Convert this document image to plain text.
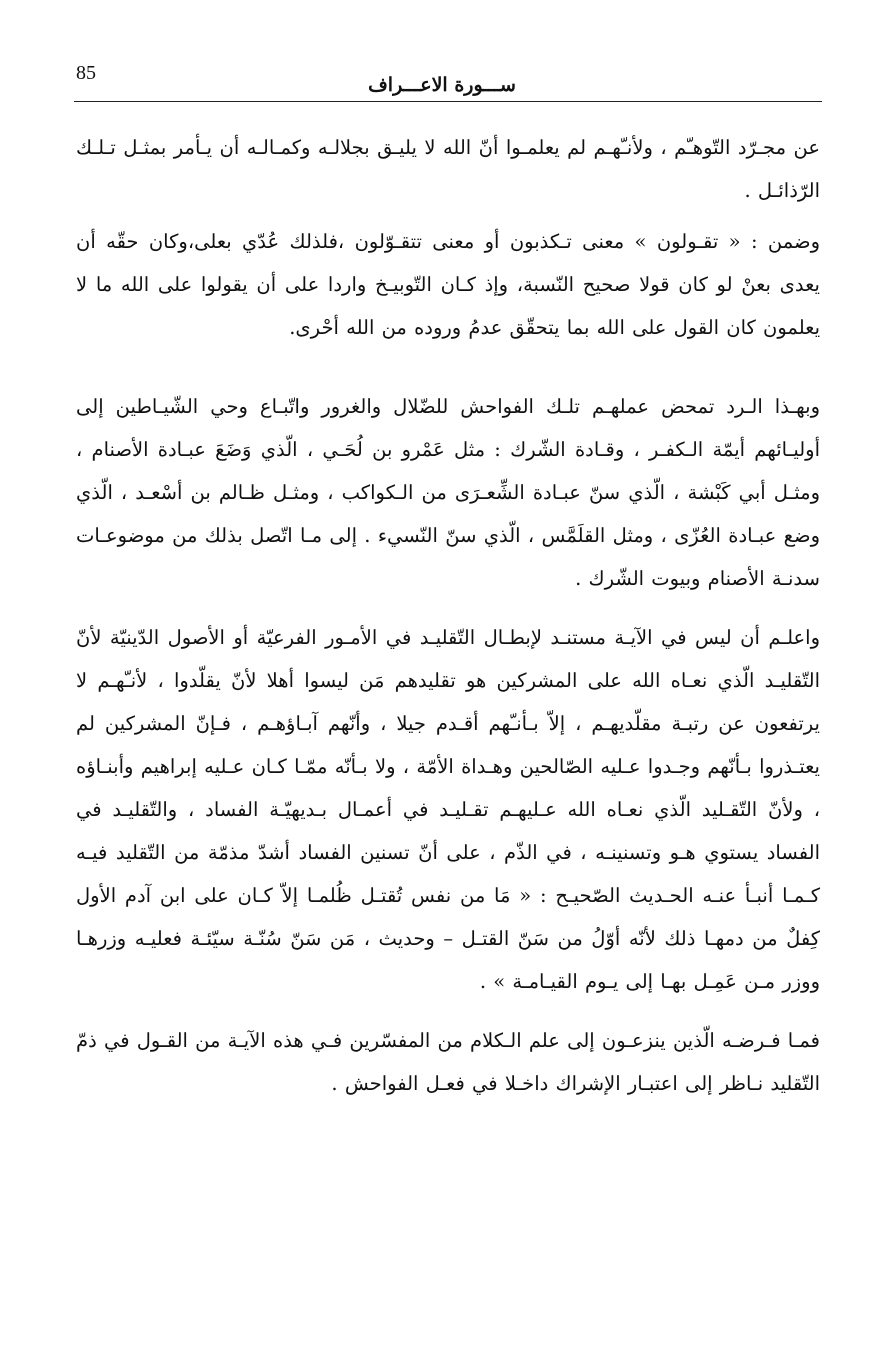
85
ســـورة الاعـــراف

عن مجـرّد التّوهـّم ، ولأنـّهـم لم يعلمـوا أنّ الله لا يليـق بجلالـه وكمـالـه أن يـأمر بمثـل تـلـك الرّذائـل .

وضمن : « تقـولون » معنى تـكذبون أو معنى تتقـوّلون ،فلذلك عُدّي بعلى،وكان حقّه أن يعدى بعنْ لو كان قولا صحيح النّسبة، وإذ كـان التّوبيـخ واردا على أن يقولوا على الله ما لا يعلمون كان القول على الله بما يتحقّق عدمُ وروده من الله أحْرى.

وبهـذا الـرد تمحض عملهـم تلـك الفواحش للضّلال والغرور واتّبـاع وحي الشّيـاطين إلى أوليـائهم أيمّة الـكفـر ، وقـادة الشّرك : مثل عَمْرو بن لُحَـي ، الّذي وَضَعَ عبـادة الأصنام ، ومثـل أبي كَبْشة ، الّذي سنّ عبـادة الشِّعـرَى من الـكواكب ، ومثـل ظـالم بن أسْعـد ، الّذي وضع عبـادة العُزّى ، ومثل القلَمَّس ، الّذي سنّ النّسيء . إلى مـا اتّصل بذلك من موضوعـات سدنـة الأصنام وبيوت الشّرك .

واعلـم أن ليس في الآيـة مستنـد لإبطـال التّقليـد في الأمـور الفرعيّة أو الأصول الدّينيّة لأنّ التّقليـد الّذي نعـاه الله على المشركين هو تقليدهم مَن ليسوا أهلا لأنّ يقلّدوا ، لأنـّهـم لا يرتفعون عن رتبـة مقلّديهـم ، إلاّ بـأنـّهم أقـدم جيلا ، وأنّهم آبـاؤهـم ، فـإنّ المشركين لم يعتـذروا بـأنّهم وجـدوا عـليه الصّالحين وهـداة الأمّة ، ولا بـأنّه ممّـا كـان عـليه إبراهيم وأبنـاؤه ، ولأنّ التّقـليد الّذي نعـاه الله عـليهـم تقـليـد في أعمـال بـديهيّـة الفساد ، والتّقليـد في الفساد يستوي هـو وتسنينـه ، في الذّم ، على أنّ تسنين الفساد أشدّ مذمّة من التّقليد فيـه كـمـا أنبـأ عنـه الحـديث الصّحيـح : « مَا من نفس تُقتـل ظُلمـا إلاّ كـان على ابن آدم الأول كِفلٌ من دمهـا ذلك لأنّه أوّلُ من سَنّ القتـل – وحديث ، مَن سَنّ سُنّـة سيّئـة فعليـه وزرهـا ووزر مـن عَمِـل بهـا إلى يـوم القيـامـة » .

فمـا فـرضـه الّذين ينزعـون إلى علم الـكلام من المفسّرين فـي هذه الآيـة من القـول في ذمّ التّقليد نـاظر إلى اعتبـار الإشراك داخـلا في فعـل الفواحش .
